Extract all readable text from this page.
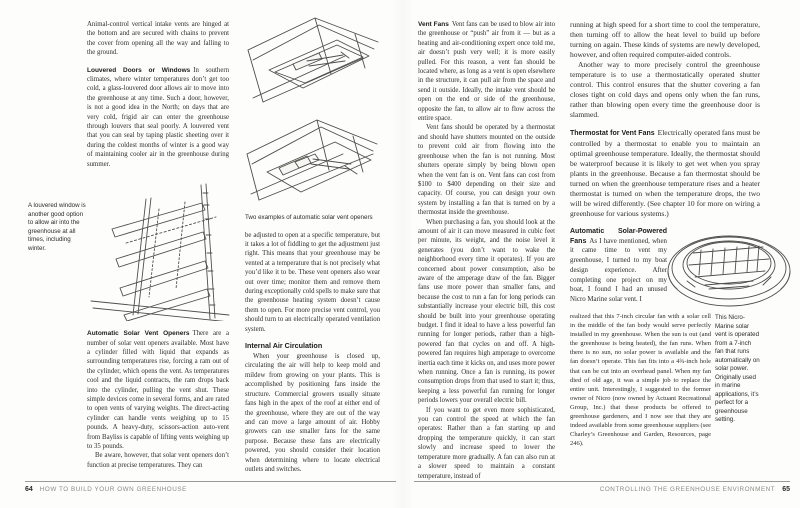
A louvered window is another good option to allow air into the greenhouse at all times, including winter.

Animal-control vertical intake vents are hinged at the bottom and are secured with chains to prevent the cover from opening all the way and falling to the ground.

Louvered Doors or Windows In southern climates, where winter temperatures don’t get too cold, a glass-louvered door allows air to move into the greenhouse at any time. Such a door, however, is not a good idea in the North; on days that are very cold, frigid air can enter the greenhouse through louvers that seal poorly. A louvered vent that you can seal by taping plastic sheeting over it during the coldest months of winter is a good way of maintaining cooler air in the greenhouse during summer.

Automatic Solar Vent Openers There are a number of solar vent openers available. Most have a cylinder filled with liquid that expands as surrounding temperatures rise, forcing a ram out of the cylinder, which opens the vent. As temperatures cool and the liquid contracts, the ram drops back into the cylinder, pulling the vent shut. These simple devices come in several forms, and are rated to open vents of varying weights. The direct-acting cylinder can handle vents weighing up to 15 pounds. A heavy-duty, scissors-action auto-vent from Bayliss is capable of lifting vents weighing up to 35 pounds.

Be aware, however, that solar vent openers don’t function at precise temperatures. They can

Two examples of automatic solar vent openers

be adjusted to open at a specific temperature, but it takes a lot of fiddling to get the adjustment just right. This means that your greenhouse may be vented at a temperature that is not precisely what you’d like it to be. These vent openers also wear out over time; monitor them and remove them during exceptionally cold spells to make sure that the greenhouse heating system doesn’t cause them to open. For more precise vent control, you should turn to an electrically operated ventilation system.

Internal Air Circulation

When your greenhouse is closed up, circulating the air will help to keep mold and mildew from growing on your plants. This is accomplished by positioning fans inside the structure. Commercial growers usually situate fans high in the apex of the roof at either end of the greenhouse, where they are out of the way and can move a large amount of air. Hobby growers can use smaller fans for the same purpose. Because these fans are electrically powered, you should consider their location when determining where to locate electrical outlets and switches.

64 HOW TO BUILD YOUR OWN GREENHOUSE

Vent Fans Vent fans can be used to blow air into the greenhouse or “push” air from it — but as a heating and air-conditioning expert once told me, air doesn’t push very well; it is more easily pulled. For this reason, a vent fan should be located where, as long as a vent is open elsewhere in the structure, it can pull air from the space and send it outside. Ideally, the intake vent should be open on the end or side of the greenhouse, opposite the fan, to allow air to flow across the entire space.

Vent fans should be operated by a thermostat and should have shutters mounted on the outside to prevent cold air from flowing into the greenhouse when the fan is not running. Most shutters operate simply by being blown open when the vent fan is on. Vent fans can cost from $100 to $400 depending on their size and capacity. Of course, you can design your own system by installing a fan that is turned on by a thermostat inside the greenhouse.

When purchasing a fan, you should look at the amount of air it can move measured in cubic feet per minute, its weight, and the noise level it generates (you don’t want to wake the neighborhood every time it operates). If you are concerned about power consumption, also be aware of the amperage draw of the fan. Bigger fans use more power than smaller fans, and because the cost to run a fan for long periods can substantially increase your electric bill, this cost should be built into your greenhouse operating budget. I find it ideal to have a less powerful fan running for longer periods, rather than a high-powered fan that cycles on and off. A high-powered fan requires high amperage to overcome inertia each time it kicks on, and uses more power when running. Once a fan is running, its power consumption drops from that used to start it; thus, keeping a less powerful fan running for longer periods lowers your overall electric bill.

If you want to get even more sophisticated, you can control the speed at which the fan operates: Rather than a fan starting up and dropping the temperature quickly, it can start slowly and increase speed to lower the temperature more gradually. A fan can also run at a slower speed to maintain a constant temperature, instead of

running at high speed for a short time to cool the temperature, then turning off to allow the heat level to build up before turning on again. These kinds of systems are newly developed, however, and often required computer-aided controls.

Another way to more precisely control the greenhouse temperature is to use a thermostatically operated shutter control. This control ensures that the shutter covering a fan closes tight on cold days and opens only when the fan runs, rather than blowing open every time the greenhouse door is slammed.

Thermostat for Vent Fans Electrically operated fans must be controlled by a thermostat to enable you to maintain an optimal greenhouse temperature. Ideally, the thermostat should be waterproof because it is likely to get wet when you spray plants in the greenhouse. Because a fan thermostat should be turned on when the greenhouse temperature rises and a heater thermostat is turned on when the temperature drops, the two will be wired differently. (See chapter 10 for more on wiring a greenhouse for various systems.)

Automatic Solar-Powered Fans As I have mentioned, when it came time to vent my greenhouse, I turned to my boat design experience. After completing one project on my boat, I found I had an unused Nicro Marine solar vent. I

realized that this 7-inch circular fan with a solar cell in the middle of the fan body would serve perfectly installed in my greenhouse. When the sun is out (and the greenhouse is being heated), the fan runs. When there is no sun, no solar power is available and the fan doesn’t operate. This fan fits into a 4¾-inch hole that can be cut into an overhead panel. When my fan died of old age, it was a simple job to replace the entire unit. Interestingly, I suggested to the former owner of Nicro (now owned by Actuant Recreational Group, Inc.) that these products be offered to greenhouse gardeners, and I now see that they are indeed available from some greenhouse suppliers (see Charley’s Greenhouse and Garden, Resources, page 246).

This Nicro-Marine solar vent is operated from a 7-inch fan that runs automatically on solar power. Originally used in marine applications, it’s perfect for a greenhouse setting.
CONTROLLING THE GREENHOUSE ENVIRONMENT 65
